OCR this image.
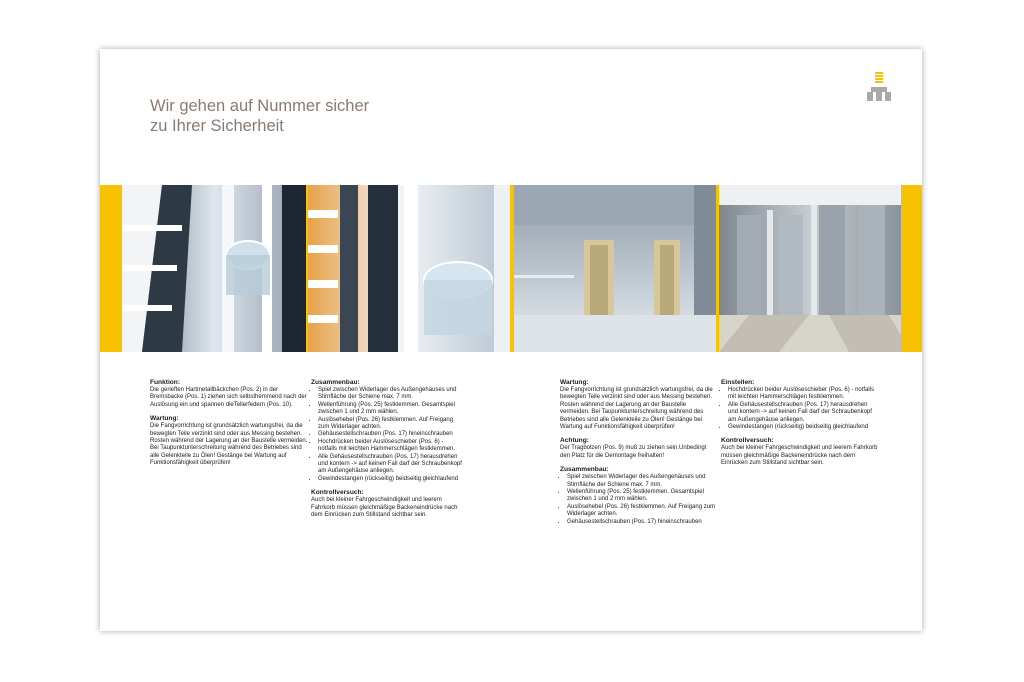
Wir gehen auf Nummer sicher
zu Ihrer Sicherheit
Funktion:

Die gerieften Hartmetallbäckchen (Pos. 2) in der Bremsbacke (Pos. 1) ziehen sich selbsthemmend nach der Auslösung ein und spannen dieTellerfedern (Pos. 10).

Wartung:

Die Fangvorrichtung ist grundsätzlich wartungsfrei, da die bewegten Teile verzinkt sind oder aus Messing bestehen. Rosten während der Lagerung an der Baustelle vermeiden. Bei Taupunktunterschreitung während des Betriebes sind alle Gelenkteile zu Ölen! Gestänge bei Wartung auf Funktionsfähigkeit überprüfen!

Zusammenbau:
• Spiel zwischen Widerlager des Außengehäuses und Stirnfläche der Schiene max. 7 mm.
• Wellenführung (Pos. 25) festklemmen. Gesamtspiel zwischen 1 und 2 mm wählen.
• Auslösehebel (Pos. 26) festklemmen. Auf Freigang zum Widerlager achten.
• Gehäusestellschrauben (Pos. 17) hineinschrauben
• Hochdrücken beider Auslöseschieber (Pos. 6) - notfalls mit leichten Hammerschlägen festklemmen.
• Alle Gehäusestellschrauben (Pos. 17) herausdrehen und kontern -> auf keinen Fall darf der Schraubenkopf am Außengehäuse anliegen.
• Gewindestangen (rückseitig) beidseitig gleichlaufend
Kontrollversuch:

Auch bei kleiner Fahrgeschwindigkeit und leerem Fahrkorb müssen gleichmäßige Backeneindrücke nach dem Einrücken zum Stillstand sichtbar sein.

Wartung:

Die Fangvorrichtung ist grundsätzlich wartungsfrei, da die bewegten Teile verzinkt sind oder aus Messing bestehen. Rosten während der Lagerung an der Baustelle vermeiden. Bei Taupunktunterschreitung während des Betriebes sind alle Gelenkteile zu Ölen! Gestänge bei Wartung auf Funktionsfähigkeit überprüfen!

Achtung:

Der Tragbolzen (Pos. 9) muß zu ziehen sein.Unbedingt den Platz für die Demontage freihalten!

Zusammenbau:
• Spiel zwischen Widerlager des Außengehäuses und Stirnfläche der Schiene max. 7 mm.
• Wellenführung (Pos. 25) festklemmen. Gesamtspiel zwischen 1 und 2 mm wählen.
• Auslösehebel (Pos. 26) festklemmen. Auf Freigang zum Widerlager achten.
• Gehäusestellschrauben (Pos. 17) hineinschrauben
Einstellen:
• Hochdrücken beider Auslöseschieber (Pos. 6) - notfalls mit leichten Hammerschlägen festklemmen.
• Alle Gehäusestellschrauben (Pos. 17) herausdrehen und kontern -> auf keinen Fall darf der Schraubenkopf am Außengehäuse anliegen.
• Gewindestangen (rückseitig) beidseitig gleichlaufend
Kontrollversuch:

Auch bei kleiner Fahrgeschwindigkeit und leerem Fahrkorb müssen gleichmäßige Backeneindrücke nach dem Einrücken zum Stillstand sichtbar sein.
